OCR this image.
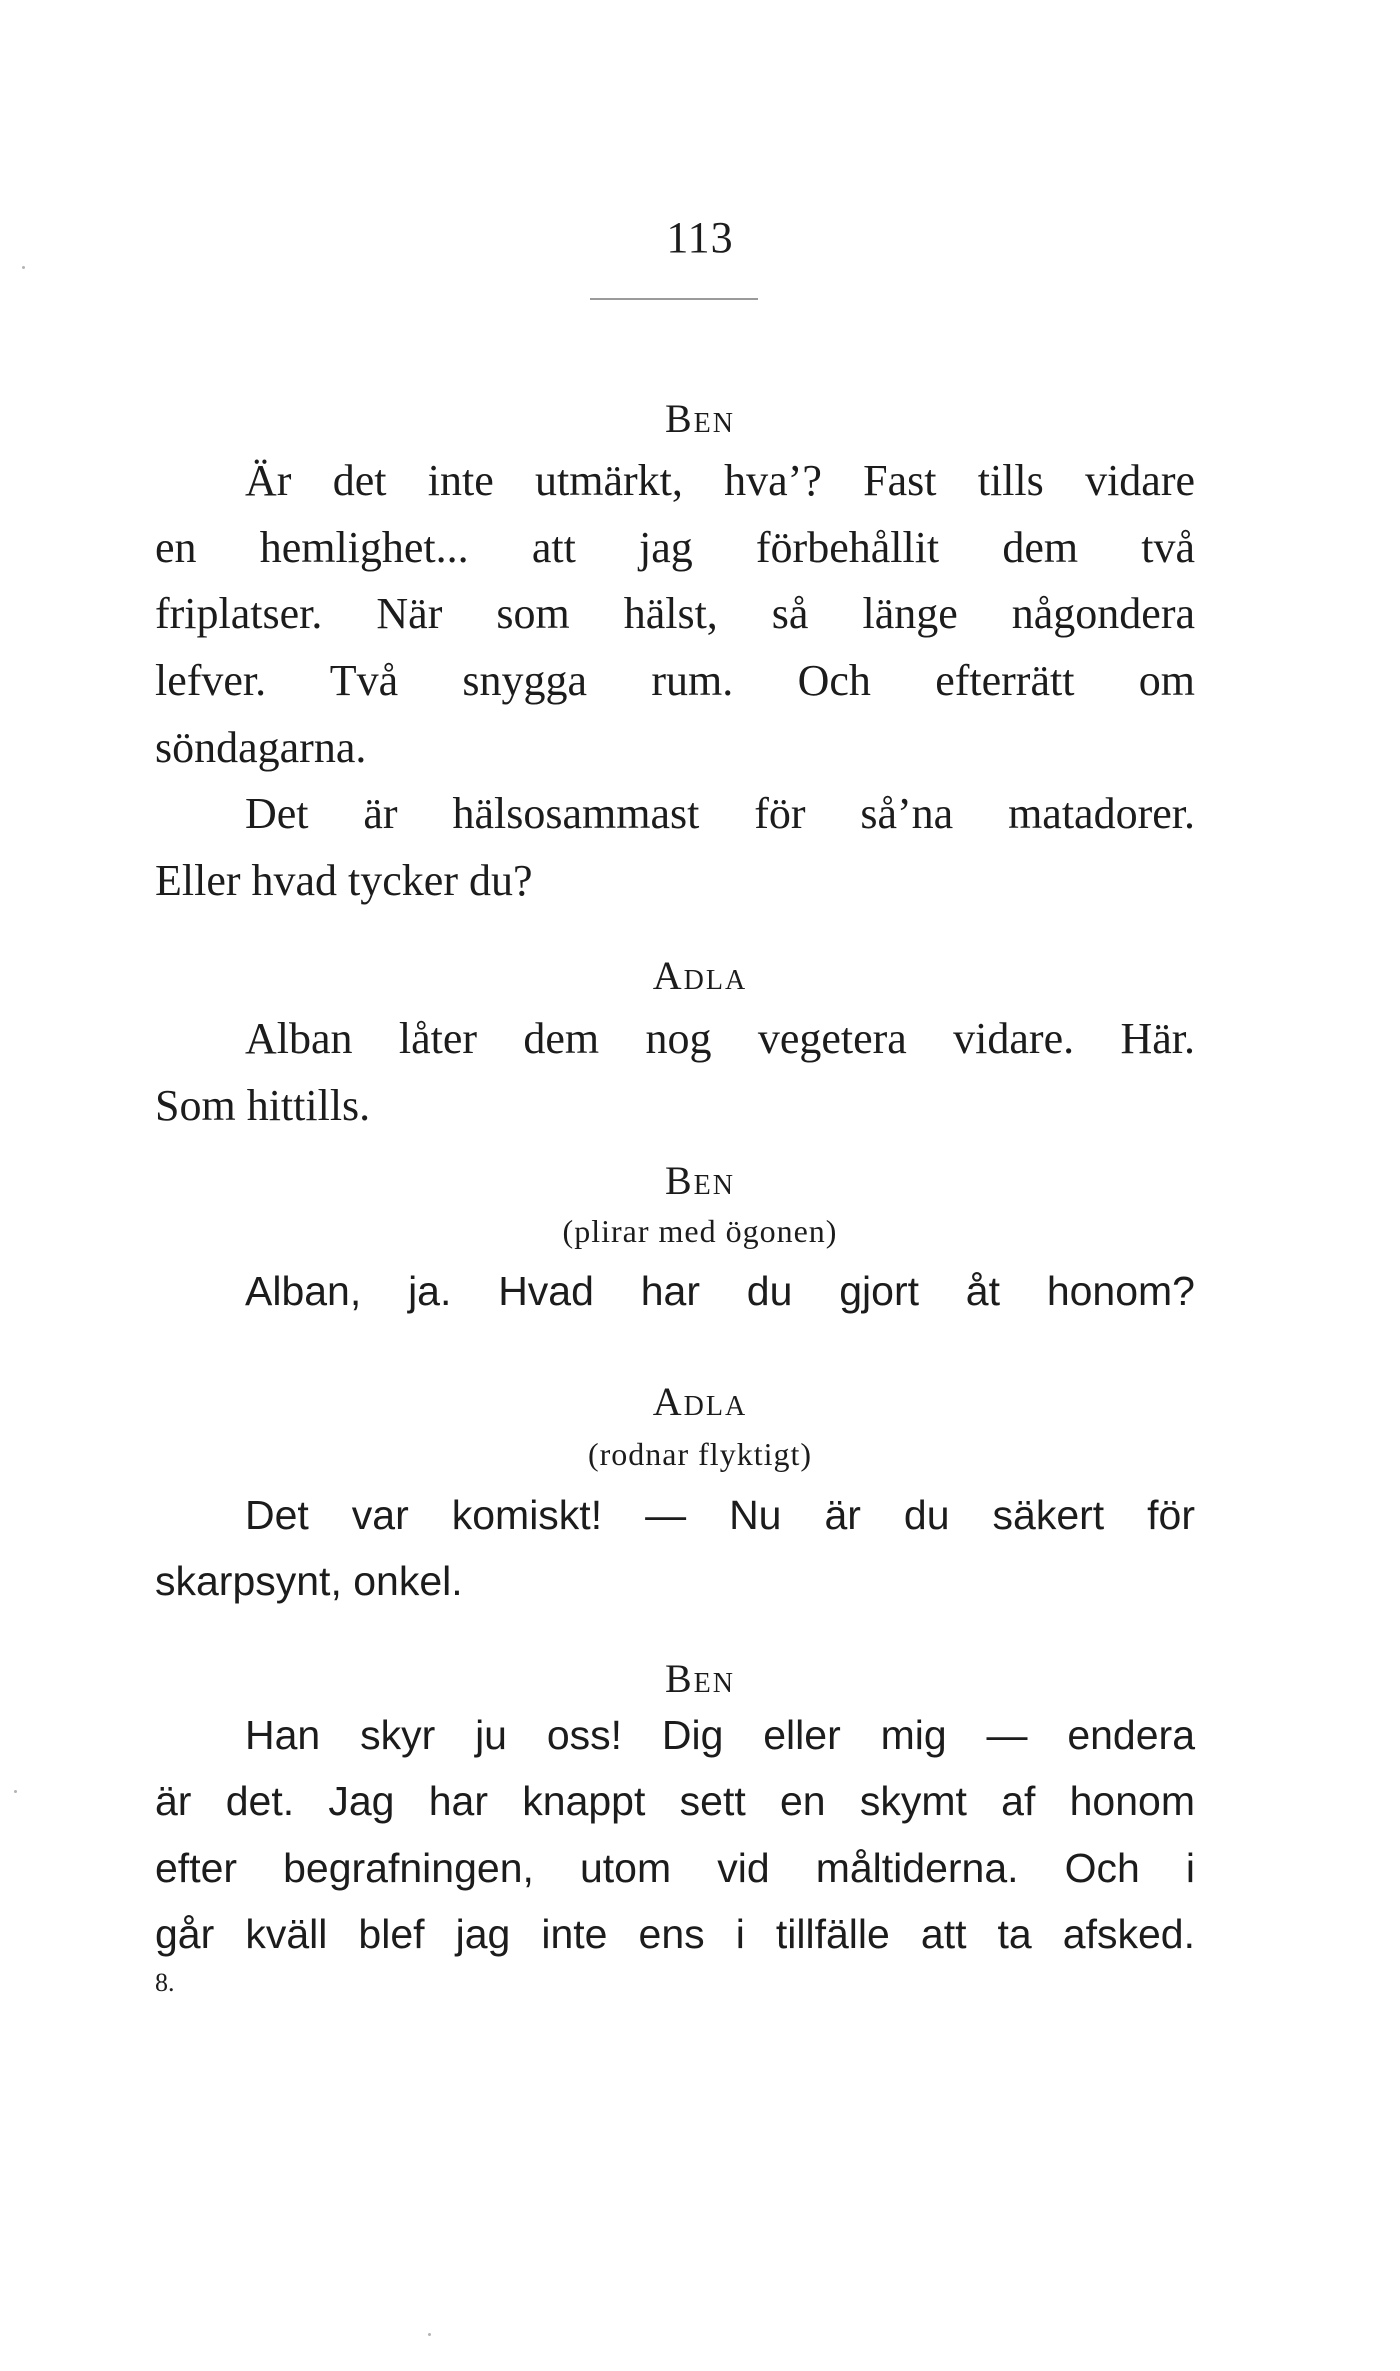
113
Ben
Är det inte utmärkt, hva’? Fast tills vidare
en hemlighet... att jag förbehållit dem två
friplatser. När som hälst, så länge någondera
lefver. Två snygga rum. Och efterrätt om
söndagarna.
Det är hälsosammast för så’na matadorer.
Eller hvad tycker du?
Adla
Alban låter dem nog vegetera vidare. Här.
Som hittills.
Ben
(plirar med ögonen)
Alban, ja. Hvad har du gjort åt honom?
Adla
(rodnar flyktigt)
Det var komiskt! — Nu är du säkert för
skarpsynt, onkel.
Ben
Han skyr ju oss! Dig eller mig — endera
är det. Jag har knappt sett en skymt af honom
efter begrafningen, utom vid måltiderna. Och i
går kväll blef jag inte ens i tillfälle att ta afsked.
8.
